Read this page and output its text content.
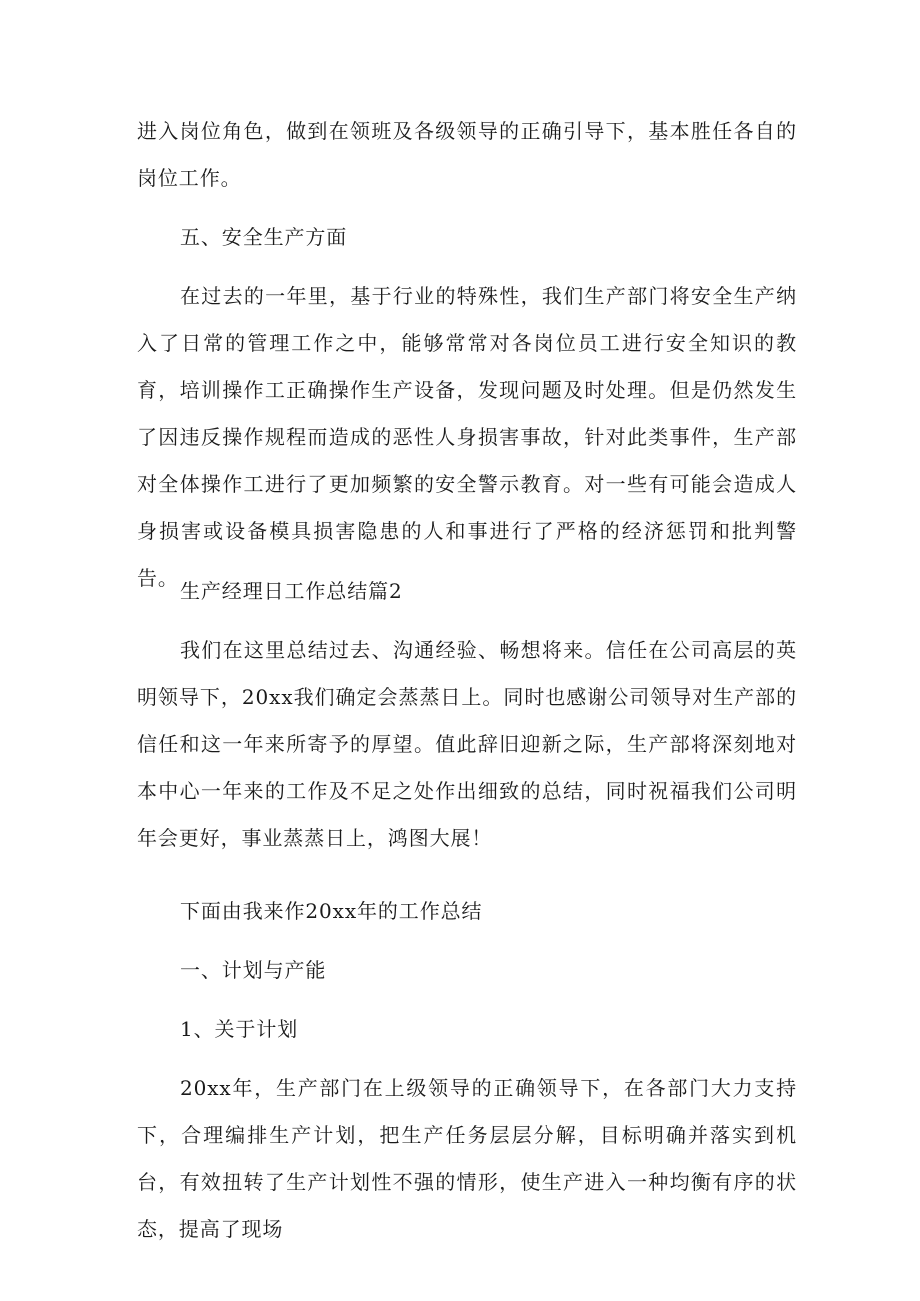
进入岗位角色，做到在领班及各级领导的正确引导下，基本胜任各自的岗位工作。

五、安全生产方面

在过去的一年里，基于行业的特殊性，我们生产部门将安全生产纳入了日常的管理工作之中，能够常常对各岗位员工进行安全知识的教育，培训操作工正确操作生产设备，发现问题及时处理。但是仍然发生了因违反操作规程而造成的恶性人身损害事故，针对此类事件，生产部对全体操作工进行了更加频繁的安全警示教育。对一些有可能会造成人身损害或设备模具损害隐患的人和事进行了严格的经济惩罚和批判警告。

生产经理日工作总结篇2

我们在这里总结过去、沟通经验、畅想将来。信任在公司高层的英明领导下，20xx我们确定会蒸蒸日上。同时也感谢公司领导对生产部的信任和这一年来所寄予的厚望。值此辞旧迎新之际，生产部将深刻地对本中心一年来的工作及不足之处作出细致的总结，同时祝福我们公司明年会更好，事业蒸蒸日上，鸿图大展！

下面由我来作20xx年的工作总结

一、计划与产能

1、关于计划

20xx年，生产部门在上级领导的正确领导下，在各部门大力支持下，合理编排生产计划，把生产任务层层分解，目标明确并落实到机台，有效扭转了生产计划性不强的情形，使生产进入一种均衡有序的状态，提高了现场
